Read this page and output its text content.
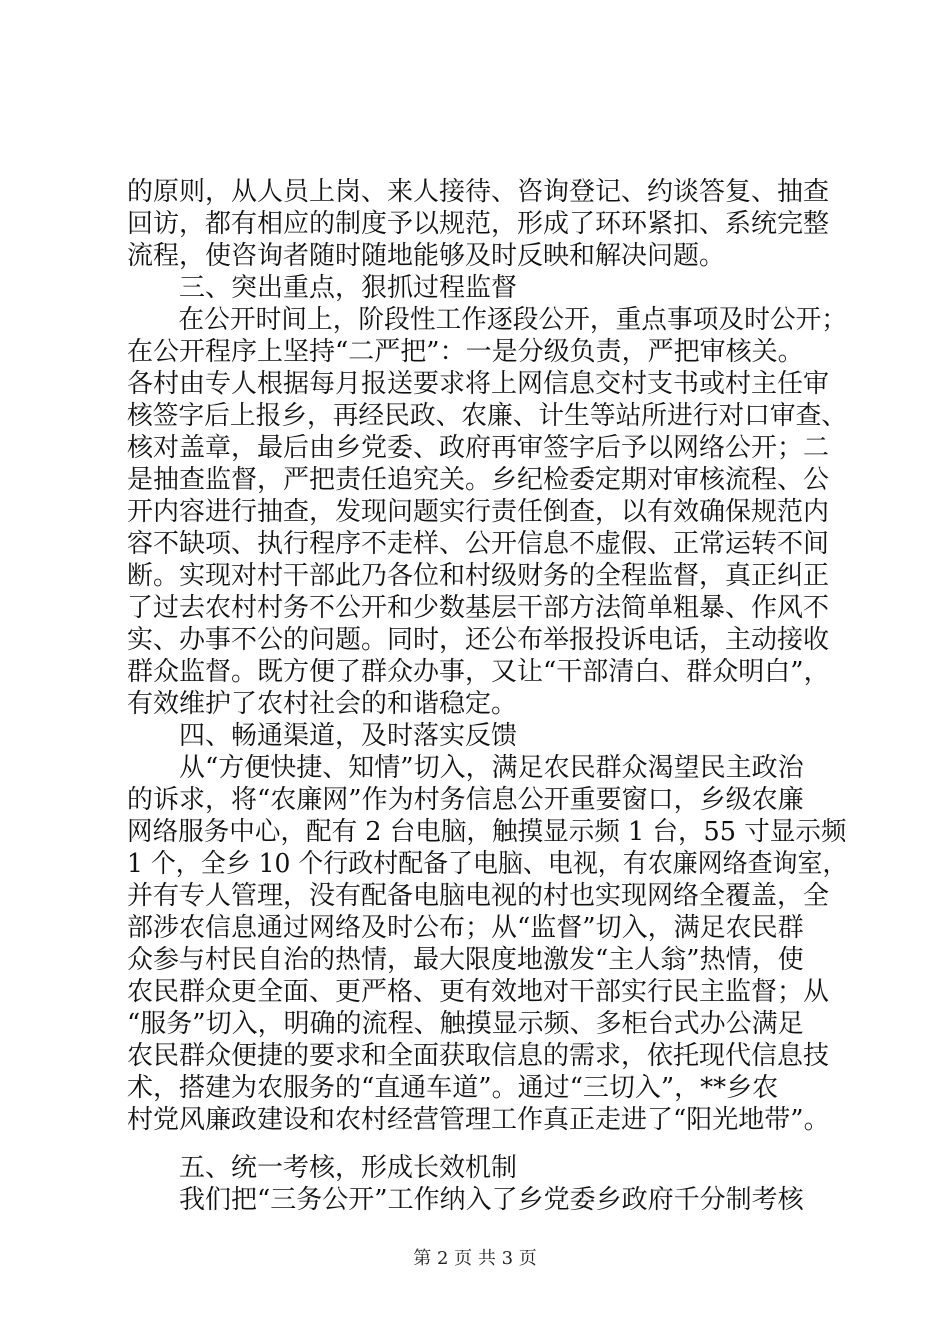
的原则，从人员上岗、来人接待、咨询登记、约谈答复、抽查
回访，都有相应的制度予以规范，形成了环环紧扣、系统完整
流程，使咨询者随时随地能够及时反映和解决问题。
　　三、突出重点，狠抓过程监督
　　在公开时间上，阶段性工作逐段公开，重点事项及时公开；
在公开程序上坚持“二严把”：一是分级负责，严把审核关。
各村由专人根据每月报送要求将上网信息交村支书或村主任审
核签字后上报乡，再经民政、农廉、计生等站所进行对口审查、
核对盖章，最后由乡党委、政府再审签字后予以网络公开；二
是抽查监督，严把责任追究关。乡纪检委定期对审核流程、公
开内容进行抽查，发现问题实行责任倒查，以有效确保规范内
容不缺项、执行程序不走样、公开信息不虚假、正常运转不间
断。实现对村干部此乃各位和村级财务的全程监督，真正纠正
了过去农村村务不公开和少数基层干部方法简单粗暴、作风不
实、办事不公的问题。同时，还公布举报投诉电话，主动接收
群众监督。既方便了群众办事，又让“干部清白、群众明白”，
有效维护了农村社会的和谐稳定。
　　四、畅通渠道，及时落实反馈
　　从“方便快捷、知情”切入，满足农民群众渴望民主政治
的诉求，将“农廉网”作为村务信息公开重要窗口，乡级农廉
网络服务中心，配有 2 台电脑，触摸显示频 1 台，55 寸显示频
1 个，全乡 10 个行政村配备了电脑、电视，有农廉网络查询室，
并有专人管理，没有配备电脑电视的村也实现网络全覆盖，全
部涉农信息通过网络及时公布；从“监督”切入，满足农民群
众参与村民自治的热情，最大限度地激发“主人翁”热情，使
农民群众更全面、更严格、更有效地对干部实行民主监督；从
“服务”切入，明确的流程、触摸显示频、多柜台式办公满足
农民群众便捷的要求和全面获取信息的需求，依托现代信息技
术，搭建为农服务的“直通车道”。通过“三切入”，**乡农
村党风廉政建设和农村经营管理工作真正走进了“阳光地带”。
　　五、统一考核，形成长效机制
　　我们把“三务公开”工作纳入了乡党委乡政府千分制考核
第 2 页 共 3 页
